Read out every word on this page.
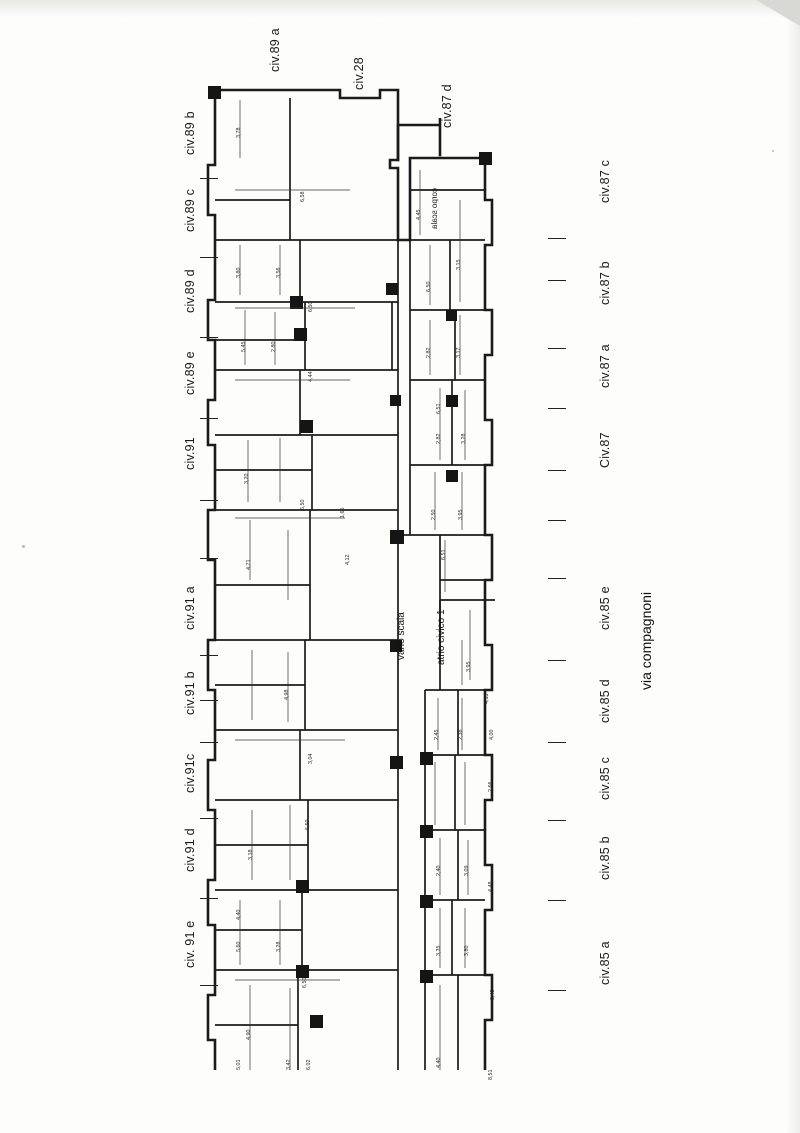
3,78
6,58
3,80	3,56
6,50
5,45	2,80
4,44
3,20
6,50
1,65
4,12
4,71
4,98
3,04
6,50
3,18
4,40
5,60	3,28
6,50
4,90
5,01	3,42	6,02
4,45
3,15
6,50
2,82	3,17
6,51
2,82	3,28
2,50	3,95
6,51
3,95
4,15
4,00
2,45	2,38
2,66
2,40	3,09
4,48
3,35	3,80
3,45
4,40
8,51
vano scala	atrio civico 1
corpo scala
civ.89 a
civ.28
civ.89 b
civ.89 c
civ.89 d
civ.89 e
civ.91
civ.91 a
civ.91 b
civ.91c
civ.91 d
civ. 91 e
civ.87 d
civ.87 c
civ.87 b
civ.87 a
Civ.87
civ.85 e
civ.85 d
civ.85 c
civ.85 b
civ.85 a
via compagnoni
